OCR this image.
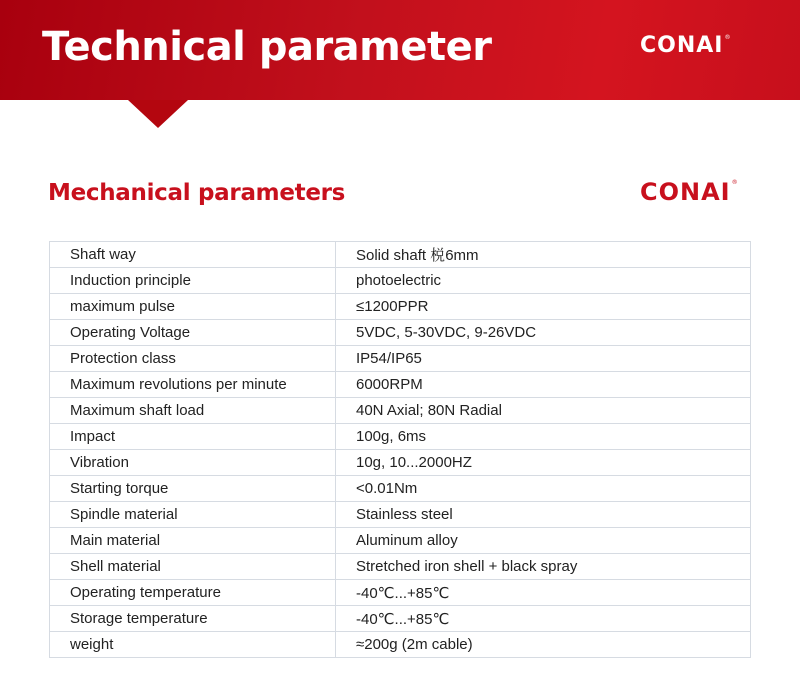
Technical parameter	CONAI®
Mechanical parameters	CONAI®
Shaft way	Solid shaft 棁6mm
Induction principle	photoelectric
maximum pulse	≤1200PPR
Operating Voltage	5VDC, 5-30VDC, 9-26VDC
Protection class	IP54/IP65
Maximum revolutions per minute	6000RPM
Maximum shaft load	40N Axial; 80N Radial
Impact	100g, 6ms
Vibration	10g, 10...2000HZ
Starting torque	<0.01Nm
Spindle material	Stainless steel
Main material	Aluminum alloy
Shell material	Stretched iron shell + black spray
Operating temperature	-40℃...+85℃
Storage temperature	-40℃...+85℃
weight	≈200g (2m cable)
